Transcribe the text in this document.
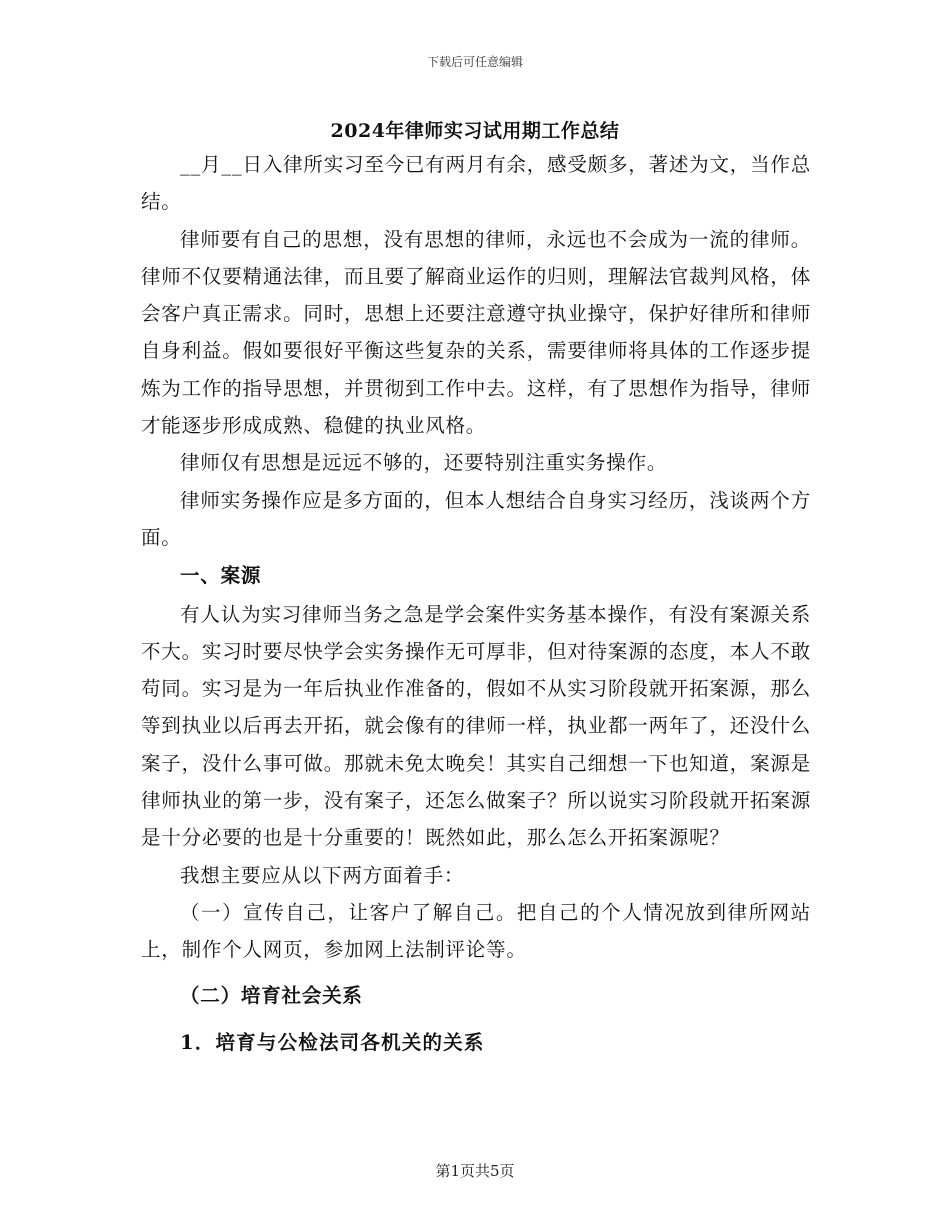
下载后可任意编辑
2024年律师实习试用期工作总结

__月__日入律所实习至今已有两月有余，感受颇多，著述为文，当作总结。

律师要有自己的思想，没有思想的律师，永远也不会成为一流的律师。律师不仅要精通法律，而且要了解商业运作的归则，理解法官裁判风格，体会客户真正需求。同时，思想上还要注意遵守执业操守，保护好律所和律师自身利益。假如要很好平衡这些复杂的关系，需要律师将具体的工作逐步提炼为工作的指导思想，并贯彻到工作中去。这样，有了思想作为指导，律师才能逐步形成成熟、稳健的执业风格。

律师仅有思想是远远不够的，还要特别注重实务操作。

律师实务操作应是多方面的，但本人想结合自身实习经历，浅谈两个方面。

一、案源

有人认为实习律师当务之急是学会案件实务基本操作，有没有案源关系不大。实习时要尽快学会实务操作无可厚非，但对待案源的态度，本人不敢苟同。实习是为一年后执业作准备的，假如不从实习阶段就开拓案源，那么等到执业以后再去开拓，就会像有的律师一样，执业都一两年了，还没什么案子，没什么事可做。那就未免太晚矣！其实自己细想一下也知道，案源是律师执业的第一步，没有案子，还怎么做案子？所以说实习阶段就开拓案源是十分必要的也是十分重要的！既然如此，那么怎么开拓案源呢？

我想主要应从以下两方面着手：

（一）宣传自己，让客户了解自己。把自己的个人情况放到律所网站上，制作个人网页，参加网上法制评论等。

（二）培育社会关系

1．培育与公检法司各机关的关系

第1页共5页
